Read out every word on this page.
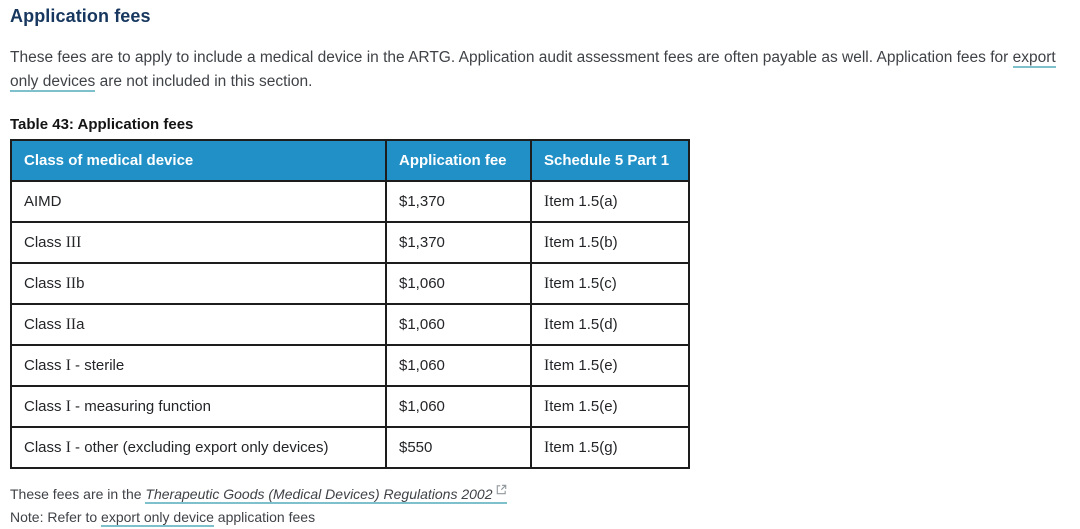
Application fees

These fees are to apply to include a medical device in the ARTG. Application audit assessment fees are often payable as well. Application fees for export only devices are not included in this section.

Table 43: Application fees
Class of medical device	Application fee	Schedule 5 Part 1
AIMD	$1,370	Item 1.5(a)
Class III	$1,370	Item 1.5(b)
Class IIb	$1,060	Item 1.5(c)
Class IIa	$1,060	Item 1.5(d)
Class I - sterile	$1,060	Item 1.5(e)
Class I - measuring function	$1,060	Item 1.5(e)
Class I - other (excluding export only devices)	$550	Item 1.5(g)
These fees are in the Therapeutic Goods (Medical Devices) Regulations 2002
Note: Refer to export only device application fees
